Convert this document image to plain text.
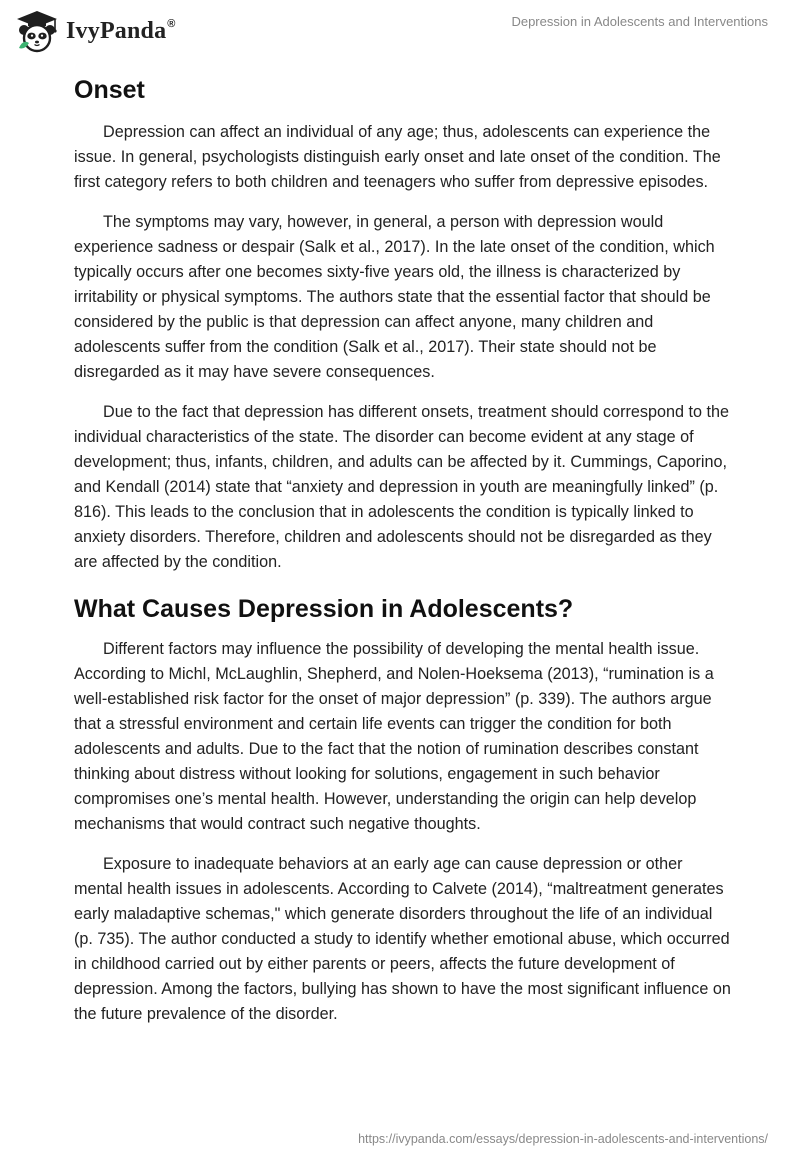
IvyPanda®	Depression in Adolescents and Interventions
Onset

Depression can affect an individual of any age; thus, adolescents can experience the issue. In general, psychologists distinguish early onset and late onset of the condition. The first category refers to both children and teenagers who suffer from depressive episodes.

The symptoms may vary, however, in general, a person with depression would experience sadness or despair (Salk et al., 2017). In the late onset of the condition, which typically occurs after one becomes sixty-five years old, the illness is characterized by irritability or physical symptoms. The authors state that the essential factor that should be considered by the public is that depression can affect anyone, many children and adolescents suffer from the condition (Salk et al., 2017). Their state should not be disregarded as it may have severe consequences.

Due to the fact that depression has different onsets, treatment should correspond to the individual characteristics of the state. The disorder can become evident at any stage of development; thus, infants, children, and adults can be affected by it. Cummings, Caporino, and Kendall (2014) state that “anxiety and depression in youth are meaningfully linked” (p. 816). This leads to the conclusion that in adolescents the condition is typically linked to anxiety disorders. Therefore, children and adolescents should not be disregarded as they are affected by the condition.

What Causes Depression in Adolescents?

Different factors may influence the possibility of developing the mental health issue. According to Michl, McLaughlin, Shepherd, and Nolen-Hoeksema (2013), “rumination is a well-established risk factor for the onset of major depression” (p. 339). The authors argue that a stressful environment and certain life events can trigger the condition for both adolescents and adults. Due to the fact that the notion of rumination describes constant thinking about distress without looking for solutions, engagement in such behavior compromises one’s mental health. However, understanding the origin can help develop mechanisms that would contract such negative thoughts.

Exposure to inadequate behaviors at an early age can cause depression or other mental health issues in adolescents. According to Calvete (2014), “maltreatment generates early maladaptive schemas," which generate disorders throughout the life of an individual (p. 735). The author conducted a study to identify whether emotional abuse, which occurred in childhood carried out by either parents or peers, affects the future development of depression. Among the factors, bullying has shown to have the most significant influence on the future prevalence of the disorder.

https://ivypanda.com/essays/depression-in-adolescents-and-interventions/
